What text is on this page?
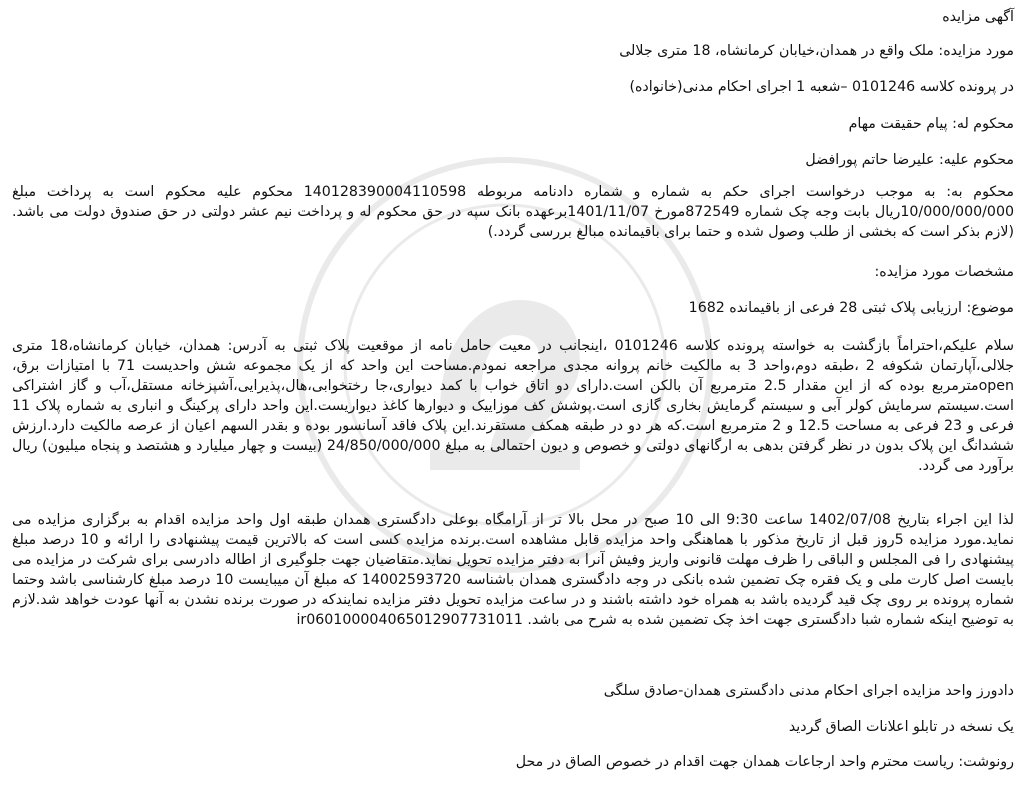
آگهی مزایده
مورد مزایده: ملک واقع در همدان،خیابان کرمانشاه، 18 متری جلالی
در پرونده کلاسه 0101246 –شعبه 1 اجرای احکام مدنی(خانواده)
محکوم له: پیام حقیقت مهام
محکوم علیه: علیرضا حاتم پورافضل
محکوم به: به موجب درخواست اجرای حکم به شماره و شماره دادنامه مربوطه 140128390004110598 محکوم علیه محکوم است به پرداخت مبلغ 10/000/000/000ریال بابت وجه چک شماره 872549مورخ 1401/11/07برعهده بانک سپه در حق محکوم له و پرداخت نیم عشر دولتی در حق صندوق دولت می باشد.(لازم بذکر است که بخشی از طلب وصول شده و حتما برای باقیمانده مبالغ بررسی گردد.)
مشخصات مورد مزایده:
موضوع: ارزیابی پلاک ثبتی 28 فرعی از باقیمانده 1682
سلام علیکم،احتراماً بازگشت به خواسته پرونده کلاسه 0101246 ،اینجانب در معیت حامل نامه از موقعیت پلاک ثبتی به آدرس: همدان، خیابان کرمانشاه،18 متری جلالی،آپارتمان شکوفه 2 ،طبقه دوم،واحد 3 به مالکیت خانم پروانه مجدی مراجعه نمودم.مساحت این واحد که از یک مجموعه شش واحدیست 71 با امتیازات برق، openمترمربع بوده که از این مقدار 2.5 مترمربع آن بالکن است.دارای دو اتاق خواب با کمد دیواری،جا رختخوابی،هال،پذیرایی،آشپزخانه مستقل،آب و گاز اشتراکی است.سیستم سرمایش کولر آبی و سیستم گرمایش بخاری گازی است.پوشش کف موزاییک و دیوارها کاغذ دیواریست.این واحد دارای پرکینگ و انباری به شماره پلاک 11 فرعی و 23 فرعی به مساحت 12.5 و 2 مترمربع است.که هر دو در طبقه همکف مستقرند.این پلاک فاقد آسانسور بوده و بقدر السهم اعیان از عرصه مالکیت دارد.ارزش ششدانگ این پلاک بدون در نظر گرفتن بدهی به ارگانهای دولتی و خصوص و دیون احتمالی به مبلغ 24/850/000/000 (بیست و چهار میلیارد و هشتصد و پنجاه میلیون) ریال برآورد می گردد.
لذا این اجراء بتاریخ 1402/07/08 ساعت 9:30 الی 10 صبح در محل بالا تر از آرامگاه بوعلی دادگستری همدان طبقه اول واحد مزایده اقدام به برگزاری مزایده می نماید.مورد مزایده 5روز قبل از تاریخ مذکور با هماهنگی واحد مزایده قابل مشاهده است.برنده مزایده کسی است که بالاترین قیمت پیشنهادی را ارائه و 10 درصد مبلغ پیشنهادی را فی المجلس و الباقی را ظرف مهلت قانونی واریز وفیش آنرا به دفتر مزایده تحویل نماید.متقاضیان جهت جلوگیری از اطاله دادرسی برای شرکت در مزایده می بایست اصل کارت ملی و یک فقره چک تضمین شده بانکی در وجه دادگستری همدان باشناسه 14002593720 که مبلغ آن میبایست 10 درصد مبلغ کارشناسی باشد وحتما شماره پرونده بر روی چک قید گردیده باشد به همراه خود داشته باشند و در ساعت مزایده تحویل دفتر مزایده نمایندکه در صورت برنده نشدن به آنها عودت خواهد شد.لازم به توضیح اینکه شماره شبا دادگستری جهت اخذ چک تضمین شده به شرح می باشد. ir060100004065012907731011
دادورز واحد مزایده اجرای احکام مدنی دادگستری همدان-صادق سلگی
یک نسخه در تابلو اعلانات الصاق گردید
رونوشت: ریاست محترم واحد ارجاعات همدان جهت اقدام در خصوص الصاق در محل
